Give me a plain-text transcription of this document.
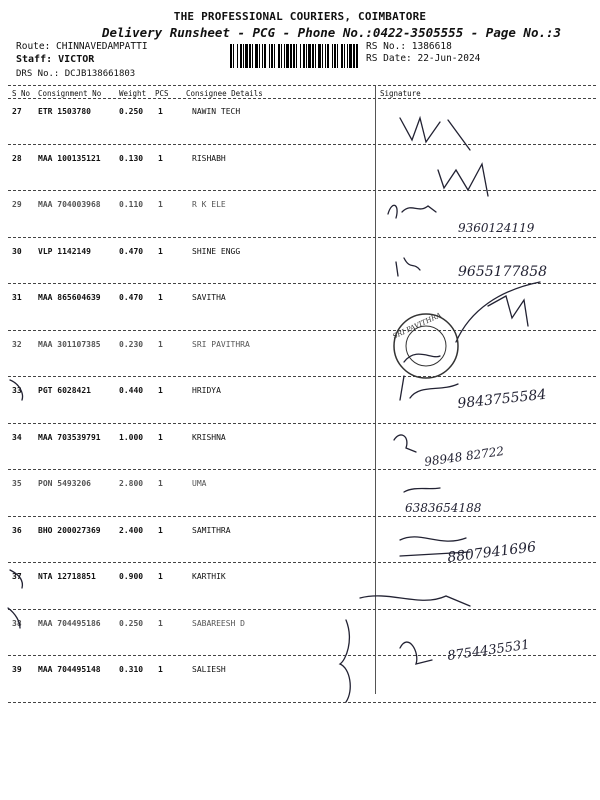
THE PROFESSIONAL COURIERS, COIMBATORE
Delivery Runsheet - PCG - Phone No.:0422-3505555 - Page No.:3
Route: CHINNAVEDAMPATTI
Staff: VICTOR
DRS No.: DCJB138661803
RS No.: 1386618
RS Date: 22-Jun-2024
S No Consignment No Weight PCS Consignee Details	Signature
27 ETR 1503780	0.250 1	NAWIN TECH
28 MAA 100135121 0.130 1	RISHABH
29 MAA 704003968 0.110 1	R K ELE
30 VLP 1142149	0.470 1	SHINE ENGG
31 MAA 865604639 0.470 1	SAVITHA
32 MAA 301107385 0.230 1	SRI PAVITHRA
33 PGT 6028421	0.440 1	HRIDYA
34 MAA 703539791 1.000 1	KRISHNA
35 PON 5493206	2.800 1	UMA
36 BHO 200027369 2.400 1	SAMITHRA
37 NTA 12718851	0.900 1	KARTHIK
38 MAA 704495186 0.250 1	SABAREESH D
39 MAA 704495148 0.310 1	SALIESH
SRI PAVITHRA
9360124119
9655177858
9843755584
98948 82722
6383654188
8807941696
8754435531
